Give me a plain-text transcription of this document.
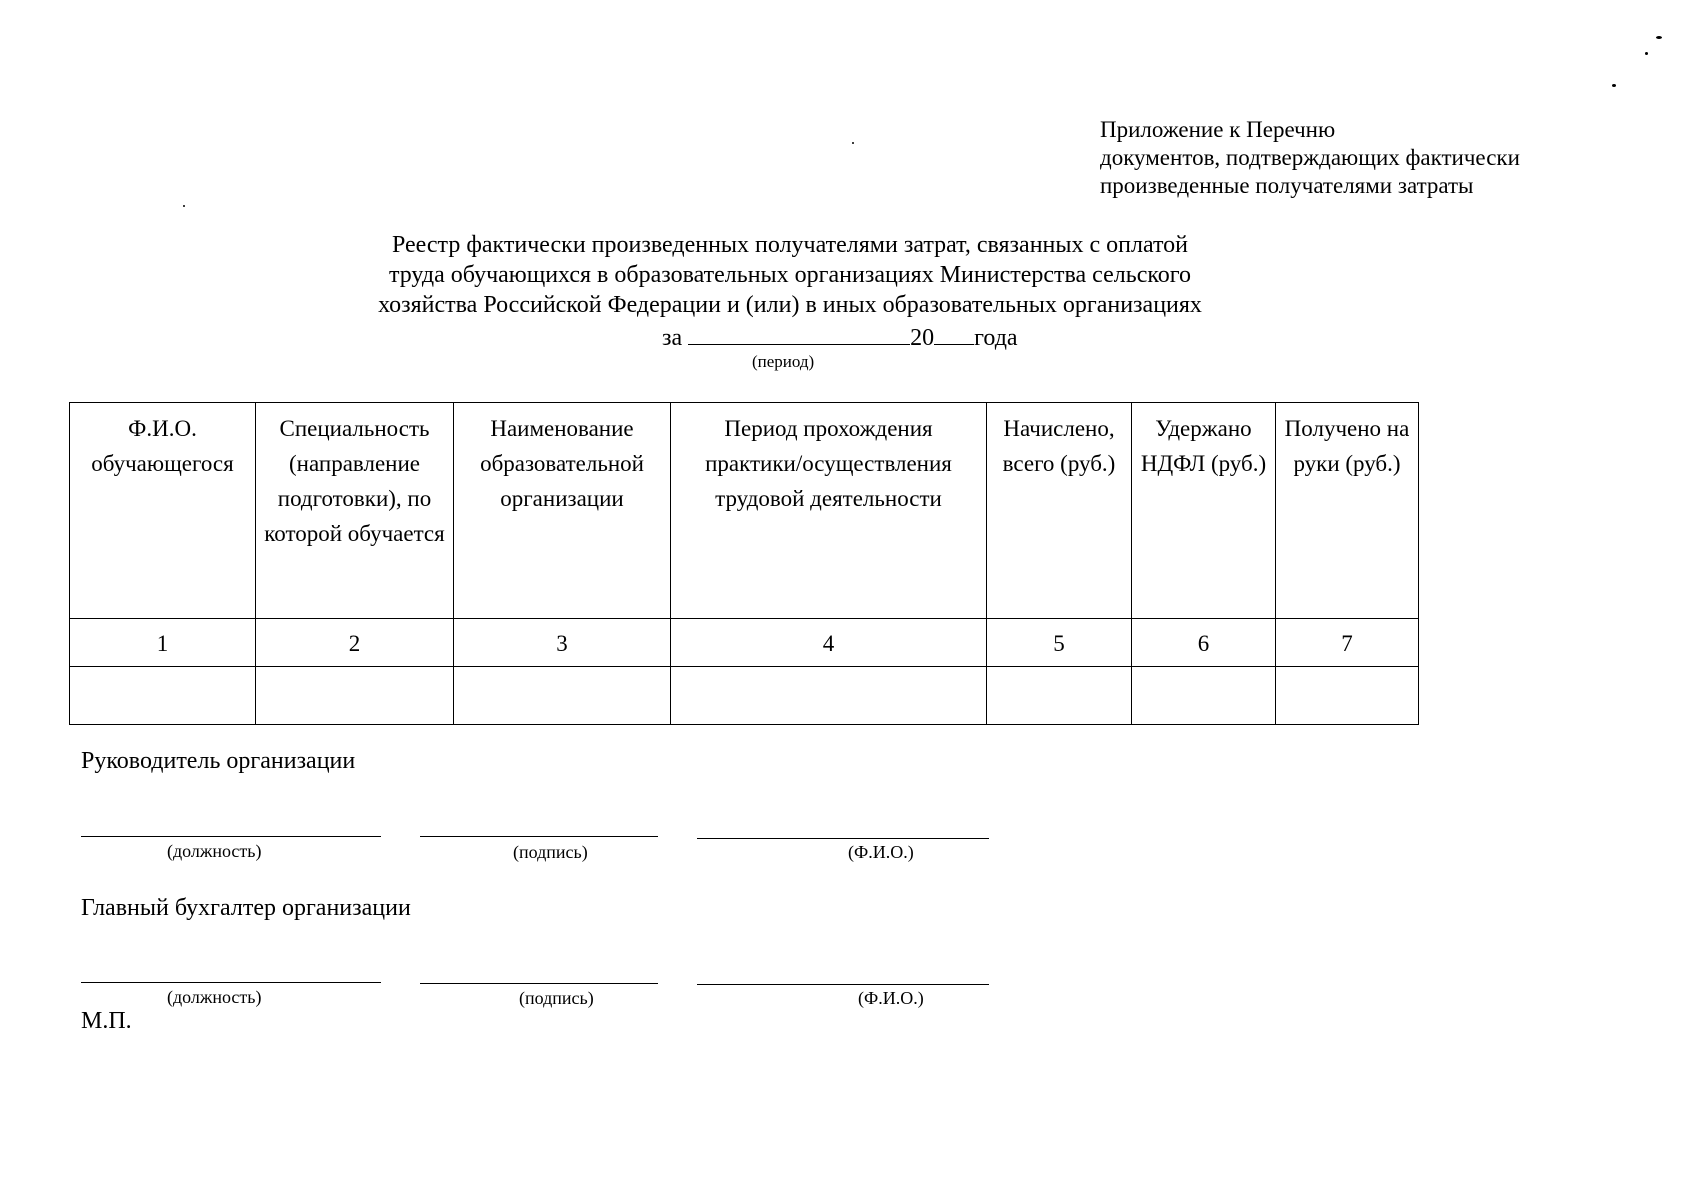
Приложение к Перечню
документов, подтверждающих фактически
произведенные получателями затраты
Реестр фактически произведенных получателями затрат, связанных с оплатой
труда обучающихся в образовательных организациях Министерства сельского
хозяйства Российской Федерации и (или) в иных образовательных организациях
за	20 года
(период)
Ф.И.О. обучающегося	Специальность (направление подготовки), по которой обучается	Наименование образовательной организации	Период прохождения практики/осуществления трудовой деятельности	Начислено, всего (руб.)	Удержано НДФЛ (руб.)	Получено на руки (руб.)
1	2	3	4	5	6	7

Руководитель организации
(должность)	(подпись)	(Ф.И.О.)
Главный бухгалтер организации
(должность)	(подпись)	(Ф.И.О.)
М.П.
